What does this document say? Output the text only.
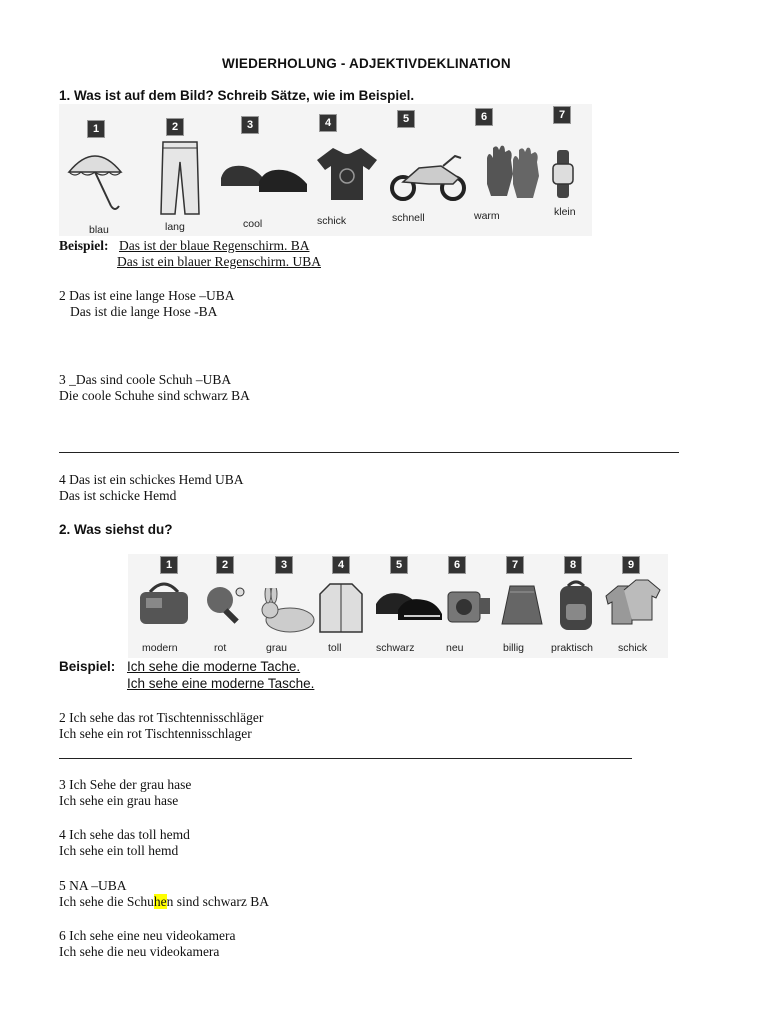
WIEDERHOLUNG - ADJEKTIVDEKLINATION
1. Was ist auf dem Bild? Schreib Sätze, wie im Beispiel.
1
blau
2
lang
3
cool
4
schick
5
schnell
6
warm
7
klein
Beispiel: Das ist der blaue Regenschirm. BA
Das ist ein blauer Regenschirm. UBA
2 Das ist eine lange Hose –UBA
Das ist die lange Hose -BA
3 _Das sind coole Schuh –UBA
Die coole Schuhe sind schwarz BA
4 Das ist ein schickes Hemd UBA
Das ist schicke Hemd
2. Was siehst du?
1
modern
2
rot
3
grau
4
toll
5
schwarz
6
neu
7
billig
8
praktisch
9
schick
Beispiel: Ich sehe die moderne Tache.
Ich sehe eine moderne Tasche.
2 Ich sehe das rot Tischtennisschläger
Ich sehe ein rot Tischtennisschlager
3 Ich Sehe der grau hase
Ich sehe ein grau hase
4 Ich sehe das toll hemd
Ich sehe ein toll hemd
5 NA –UBA
Ich sehe die Schuhen sind schwarz BA
6 Ich sehe eine neu videokamera
Ich sehe die neu videokamera
